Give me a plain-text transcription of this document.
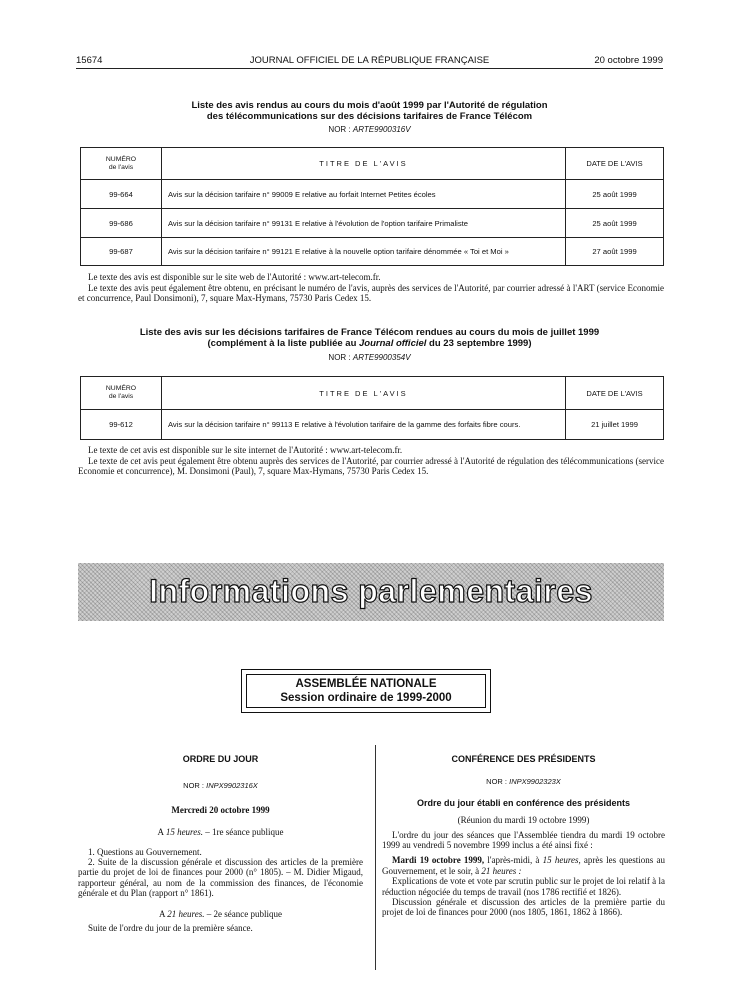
15674	JOURNAL OFFICIEL DE LA RÉPUBLIQUE FRANÇAISE	20 octobre 1999
Liste des avis rendus au cours du mois d'août 1999 par l'Autorité de régulation
des télécommunications sur des décisions tarifaires de France Télécom
NOR : ARTE9900316V
NUMÉRO
de l'avis	TITRE DE L'AVIS	DATE DE L'AVIS
99-664	Avis sur la décision tarifaire n° 99009 E relative au forfait Internet Petites écoles	25 août 1999
99-686	Avis sur la décision tarifaire n° 99131 E relative à l'évolution de l'option tarifaire Primaliste	25 août 1999
99-687	Avis sur la décision tarifaire n° 99121 E relative à la nouvelle option tarifaire dénommée « Toi et Moi »	27 août 1999

Le texte des avis est disponible sur le site web de l'Autorité : www.art-telecom.fr.

Le texte des avis peut également être obtenu, en précisant le numéro de l'avis, auprès des services de l'Autorité, par courrier adressé à l'ART (service Economie et concurrence, Paul Donsimoni), 7, square Max-Hymans, 75730 Paris Cedex 15.

Liste des avis sur les décisions tarifaires de France Télécom rendues au cours du mois de juillet 1999
(complément à la liste publiée au Journal officiel du 23 septembre 1999)
NOR : ARTE9900354V
NUMÉRO
de l'avis	TITRE DE L'AVIS	DATE DE L'AVIS
99-612	Avis sur la décision tarifaire n° 99113 E relative à l'évolution tarifaire de la gamme des forfaits fibre cours.	21 juillet 1999

Le texte de cet avis est disponible sur le site internet de l'Autorité : www.art-telecom.fr.

Le texte de cet avis peut également être obtenu auprès des services de l'Autorité, par courrier adressé à l'Autorité de régulation des télécommunications (service Economie et concurrence), M. Donsimoni (Paul), 7, square Max-Hymans, 75730 Paris Cedex 15.

Informations parlementaires
ASSEMBLÉE NATIONALE
Session ordinaire de 1999-2000
ORDRE DU JOUR
NOR : INPX9902316X
Mercredi 20 octobre 1999
A 15 heures. – 1re séance publique

1. Questions au Gouvernement.

2. Suite de la discussion générale et discussion des articles de la première partie du projet de loi de finances pour 2000 (n° 1805). – M. Didier Migaud, rapporteur général, au nom de la commission des finances, de l'économie générale et du Plan (rapport n° 1861).

A 21 heures. – 2e séance publique

Suite de l'ordre du jour de la première séance.

CONFÉRENCE DES PRÉSIDENTS
NOR : INPX9902323X
Ordre du jour établi en conférence des présidents
(Réunion du mardi 19 octobre 1999)

L'ordre du jour des séances que l'Assemblée tiendra du mardi 19 octobre 1999 au vendredi 5 novembre 1999 inclus a été ainsi fixé :

Mardi 19 octobre 1999, l'après-midi, à 15 heures, après les questions au Gouvernement, et le soir, à 21 heures :

Explications de vote et vote par scrutin public sur le projet de loi relatif à la réduction négociée du temps de travail (nos 1786 rectifié et 1826).

Discussion générale et discussion des articles de la première partie du projet de loi de finances pour 2000 (nos 1805, 1861, 1862 à 1866).
